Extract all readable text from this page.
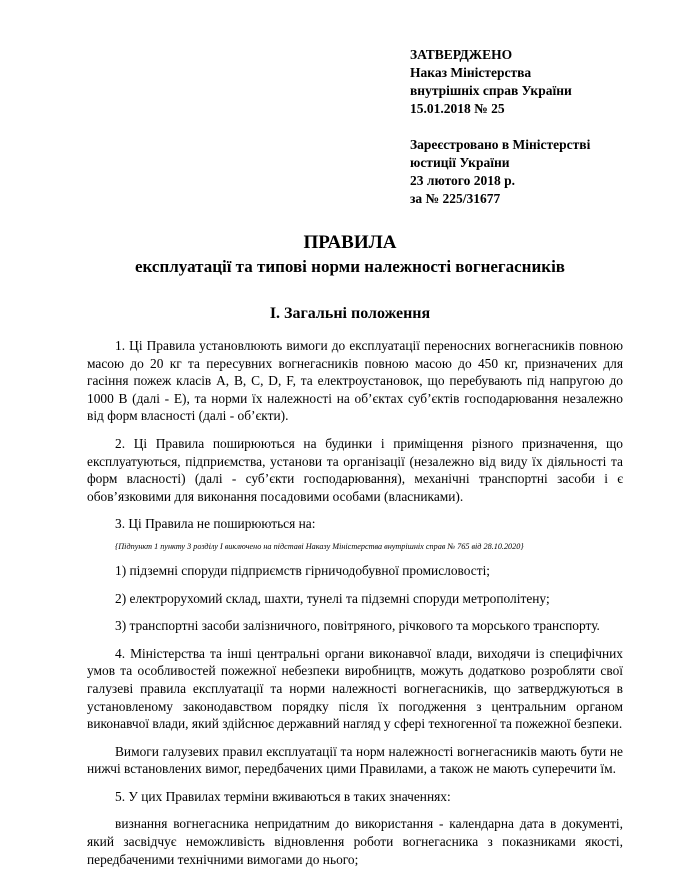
ЗАТВЕРДЖЕНО
Наказ Міністерства
внутрішніх справ України
15.01.2018 № 25
Зареєстровано в Міністерстві
юстиції України
23 лютого 2018 р.
за № 225/31677
ПРАВИЛА
експлуатації та типові норми належності вогнегасників
I. Загальні положення

1. Ці Правила установлюють вимоги до експлуатації переносних вогнегасників повною масою до 20 кг та пересувних вогнегасників повною масою до 450 кг, призначених для гасіння пожеж класів A, B, C, D, F, та електроустановок, що перебувають під напругою до 1000 В (далі - Е), та норми їх належності на об’єктах суб’єктів господарювання незалежно від форм власності (далі - об’єкти).

2. Ці Правила поширюються на будинки і приміщення різного призначення, що експлуатуються, підприємства, установи та організації (незалежно від виду їх діяльності та форм власності) (далі - суб’єкти господарювання), механічні транспортні засоби і є обов’язковими для виконання посадовими особами (власниками).

3. Ці Правила не поширюються на:

{Підпункт 1 пункту 3 розділу I виключено на підставі Наказу Міністерства внутрішніх справ № 765 від 28.10.2020}

1) підземні споруди підприємств гірничодобувної промисловості;

2) електрорухомий склад, шахти, тунелі та підземні споруди метрополітену;

3) транспортні засоби залізничного, повітряного, річкового та морського транспорту.

4. Міністерства та інші центральні органи виконавчої влади, виходячи із специфічних умов та особливостей пожежної небезпеки виробництв, можуть додатково розробляти свої галузеві правила експлуатації та норми належності вогнегасників, що затверджуються в установленому законодавством порядку після їх погодження з центральним органом виконавчої влади, який здійснює державний нагляд у сфері техногенної та пожежної безпеки.

Вимоги галузевих правил експлуатації та норм належності вогнегасників мають бути не нижчі встановлених вимог, передбачених цими Правилами, а також не мають суперечити їм.

5. У цих Правилах терміни вживаються в таких значеннях:

визнання вогнегасника непридатним до використання - календарна дата в документі, який засвідчує неможливість відновлення роботи вогнегасника з показниками якості, передбаченими технічними вимогами до нього;
